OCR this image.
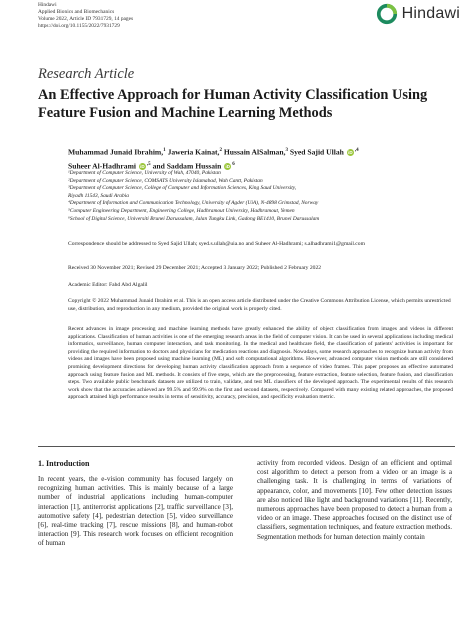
Hindawi
Applied Bionics and Biomechanics
Volume 2022, Article ID 7931729, 14 pages
https://doi.org/10.1155/2022/7931729
Hindawi
Research Article
An Effective Approach for Human Activity Classification Using Feature Fusion and Machine Learning Methods
Muhammad Junaid Ibrahim,$^1$ Jaweria Kainat,$^2$ Hussain AlSalman,$^3$ Syed Sajid Ullah iD $^{,4}$
Suheer Al-Hadhrami iD $^{,5}$ and Saddam Hussain iD $^6$
¹Department of Computer Science, University of Wah, 47040, Pakistan
²Department of Computer Science, COMSATS University Islamabad, Wah Cantt, Pakistan
³Department of Computer Science, College of Computer and Information Sciences, King Saud University,
Riyadh 11543, Saudi Arabia
⁴Department of Information and Communication Technology, University of Agder (UiA), N-4898 Grimstad, Norway
⁵Computer Engineering Department, Engineering College, Hadhramout University, Hadhramout, Yemen
⁶School of Digital Science, Universiti Brunei Darussalam, Jalan Tungku Link, Gadong BE1410, Brunei Darussalam
Correspondence should be addressed to Syed Sajid Ullah; syed.s.ullah@uia.no and Suheer Al-Hadhrami; s.alhadhrami1@gmail.com
Received 30 November 2021; Revised 29 December 2021; Accepted 3 January 2022; Published 2 February 2022
Academic Editor: Fahd Abd Algalil
Copyright © 2022 Muhammad Junaid Ibrahim et al. This is an open access article distributed under the Creative Commons Attribution License, which permits unrestricted use, distribution, and reproduction in any medium, provided the original work is properly cited.
Recent advances in image processing and machine learning methods have greatly enhanced the ability of object classification from images and videos in different applications. Classification of human activities is one of the emerging research areas in the field of computer vision. It can be used in several applications including medical informatics, surveillance, human computer interaction, and task monitoring. In the medical and healthcare field, the classification of patients' activities is important for providing the required information to doctors and physicians for medication reactions and diagnosis. Nowadays, some research approaches to recognize human activity from videos and images have been proposed using machine learning (ML) and soft computational algorithms. However, advanced computer vision methods are still considered promising development directions for developing human activity classification approach from a sequence of video frames. This paper proposes an effective automated approach using feature fusion and ML methods. It consists of five steps, which are the preprocessing, feature extraction, feature selection, feature fusion, and classification steps. Two available public benchmark datasets are utilized to train, validate, and test ML classifiers of the developed approach. The experimental results of this research work show that the accuracies achieved are 99.5% and 99.9% on the first and second datasets, respectively. Compared with many existing related approaches, the proposed approach attained high performance results in terms of sensitivity, accuracy, precision, and specificity evaluation metric.
1. Introduction
In recent years, the e-vision community has focused largely on recognizing human activities. This is mainly because of a large number of industrial applications including human-computer interaction [1], antiterrorist applications [2], traffic surveillance [3], automotive safety [4], pedestrian detection [5], video surveillance [6], real-time tracking [7], rescue missions [8], and human-robot interaction [9]. This research work focuses on efficient recognition of human
activity from recorded videos. Design of an efficient and optimal cost algorithm to detect a person from a video or an image is a challenging task. It is challenging in terms of variations of appearance, color, and movements [10]. Few other detection issues are also noticed like light and background variations [11]. Recently, numerous approaches have been proposed to detect a human from a video or an image. These approaches focused on the distinct use of classifiers, segmentation techniques, and feature extraction methods. Segmentation methods for human detection mainly contain
